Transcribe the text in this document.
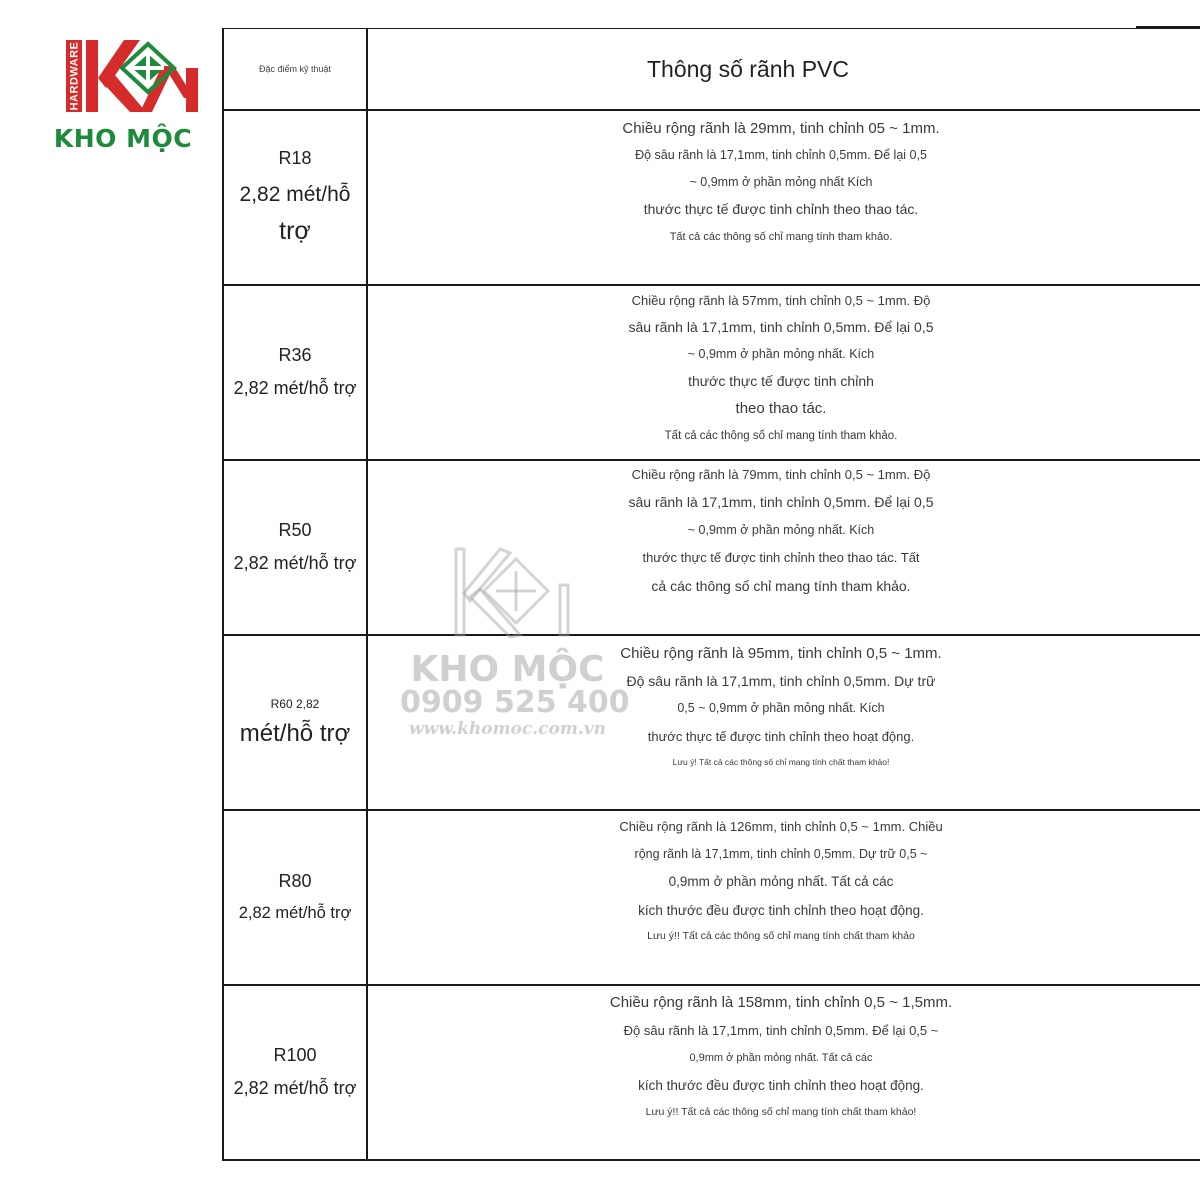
HARDWARE
KHO MỘC
Đặc điểm kỹ thuật	Thông số rãnh PVC
R18
2,82 mét/hỗ
trợ

Chiều rộng rãnh là 29mm, tinh chỉnh 05 ~ 1mm.

Độ sâu rãnh là 17,1mm, tinh chỉnh 0,5mm. Để lại 0,5

~ 0,9mm ở phần mỏng nhất Kích

thước thực tế được tinh chỉnh theo thao tác.

Tất cả các thông số chỉ mang tính tham khảo.

R36
2,82 mét/hỗ trợ

Chiều rộng rãnh là 57mm, tinh chỉnh 0,5 ~ 1mm. Độ

sâu rãnh là 17,1mm, tinh chỉnh 0,5mm. Để lại 0,5

~ 0,9mm ở phần mỏng nhất. Kích

thước thực tế được tinh chỉnh

theo thao tác.

Tất cả các thông số chỉ mang tính tham khảo.

R50
2,82 mét/hỗ trợ

Chiều rộng rãnh là 79mm, tinh chỉnh 0,5 ~ 1mm. Độ

sâu rãnh là 17,1mm, tinh chỉnh 0,5mm. Để lại 0,5

~ 0,9mm ở phần mỏng nhất. Kích

thước thực tế được tinh chỉnh theo thao tác. Tất

cả các thông số chỉ mang tính tham khảo.

R60 2,82
mét/hỗ trợ

Chiều rộng rãnh là 95mm, tinh chỉnh 0,5 ~ 1mm.

Độ sâu rãnh là 17,1mm, tinh chỉnh 0,5mm. Dự trữ

0,5 ~ 0,9mm ở phần mỏng nhất. Kích

thước thực tế được tinh chỉnh theo hoạt động.

Lưu ý! Tất cả các thông số chỉ mang tính chất tham khảo!

R80
2,82 mét/hỗ trợ

Chiều rộng rãnh là 126mm, tinh chỉnh 0,5 ~ 1mm. Chiều

rộng rãnh là 17,1mm, tinh chỉnh 0,5mm. Dự trữ 0,5 ~

0,9mm ở phần mỏng nhất. Tất cả các

kích thước đều được tinh chỉnh theo hoạt động.

Lưu ý!! Tất cả các thông số chỉ mang tính chất tham khảo

R100
2,82 mét/hỗ trợ

Chiều rộng rãnh là 158mm, tinh chỉnh 0,5 ~ 1,5mm.

Độ sâu rãnh là 17,1mm, tinh chỉnh 0,5mm. Để lại 0,5 ~

0,9mm ở phần mỏng nhất. Tất cả các

kích thước đều được tinh chỉnh theo hoạt động.

Lưu ý!! Tất cả các thông số chỉ mang tính chất tham khảo!

KHO MỘC
0909 525 400
www.khomoc.com.vn
